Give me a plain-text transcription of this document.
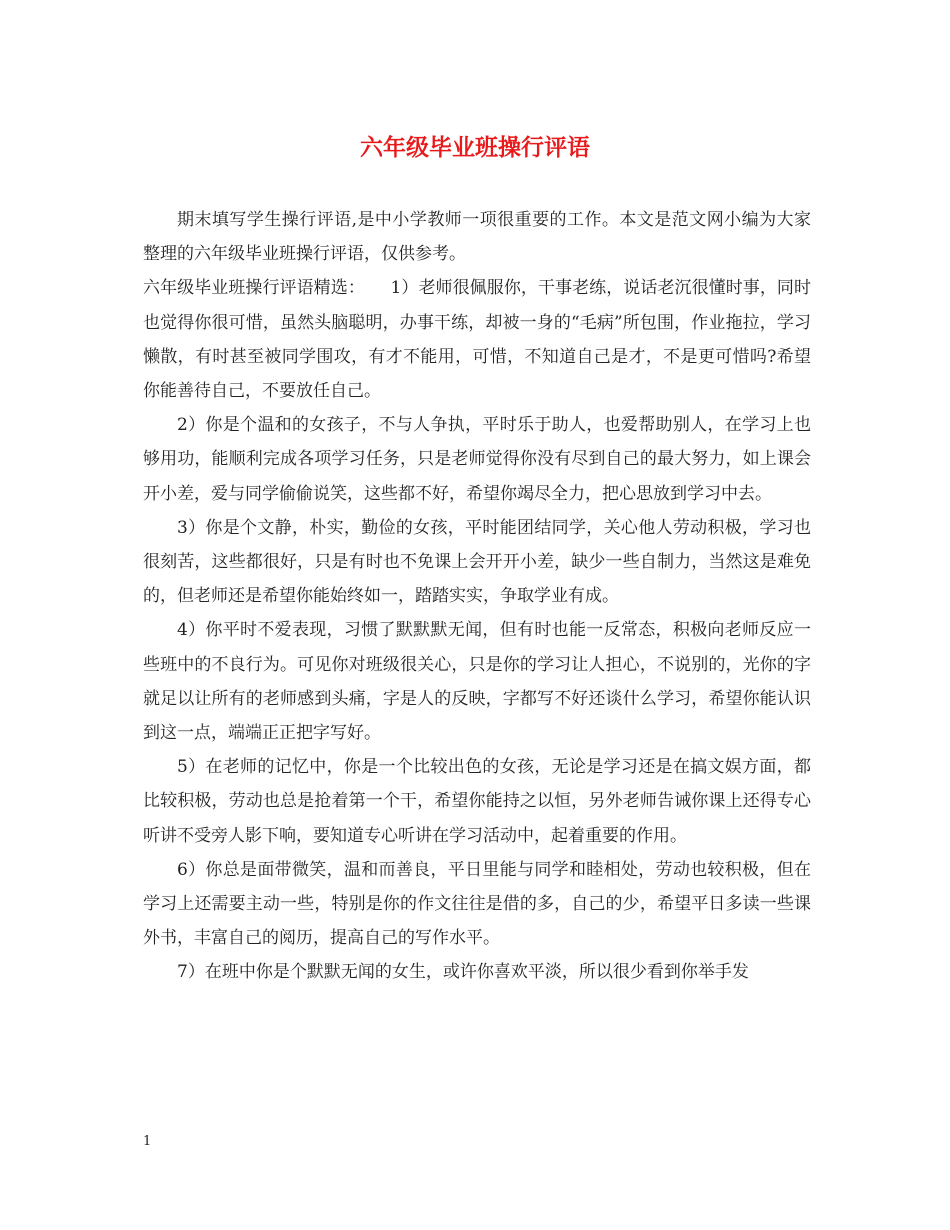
六年级毕业班操行评语

期末填写学生操行评语,是中小学教师一项很重要的工作。本文是范文网小编为大家整理的六年级毕业班操行评语，仅供参考。

六年级毕业班操行评语精选：　　1）老师很佩服你，干事老练，说话老沉很懂时事，同时也觉得你很可惜，虽然头脑聪明，办事干练，却被一身的“毛病”所包围，作业拖拉，学习懒散，有时甚至被同学围攻，有才不能用，可惜，不知道自己是才，不是更可惜吗?希望你能善待自己，不要放任自己。

2）你是个温和的女孩子，不与人争执，平时乐于助人，也爱帮助别人，在学习上也够用功，能顺利完成各项学习任务，只是老师觉得你没有尽到自己的最大努力，如上课会开小差，爱与同学偷偷说笑，这些都不好，希望你竭尽全力，把心思放到学习中去。

3）你是个文静，朴实，勤俭的女孩，平时能团结同学，关心他人劳动积极，学习也很刻苦，这些都很好，只是有时也不免课上会开开小差，缺少一些自制力，当然这是难免的，但老师还是希望你能始终如一，踏踏实实，争取学业有成。

4）你平时不爱表现，习惯了默默默无闻，但有时也能一反常态，积极向老师反应一些班中的不良行为。可见你对班级很关心，只是你的学习让人担心，不说别的，光你的字就足以让所有的老师感到头痛，字是人的反映，字都写不好还谈什么学习，希望你能认识到这一点，端端正正把字写好。

5）在老师的记忆中，你是一个比较出色的女孩，无论是学习还是在搞文娱方面，都比较积极，劳动也总是抢着第一个干，希望你能持之以恒，另外老师告诫你课上还得专心听讲不受旁人影下响，要知道专心听讲在学习活动中，起着重要的作用。

6）你总是面带微笑，温和而善良，平日里能与同学和睦相处，劳动也较积极，但在学习上还需要主动一些，特别是你的作文往往是借的多，自己的少，希望平日多读一些课外书，丰富自己的阅历，提高自己的写作水平。

7）在班中你是个默默无闻的女生，或许你喜欢平淡，所以很少看到你举手发

1
